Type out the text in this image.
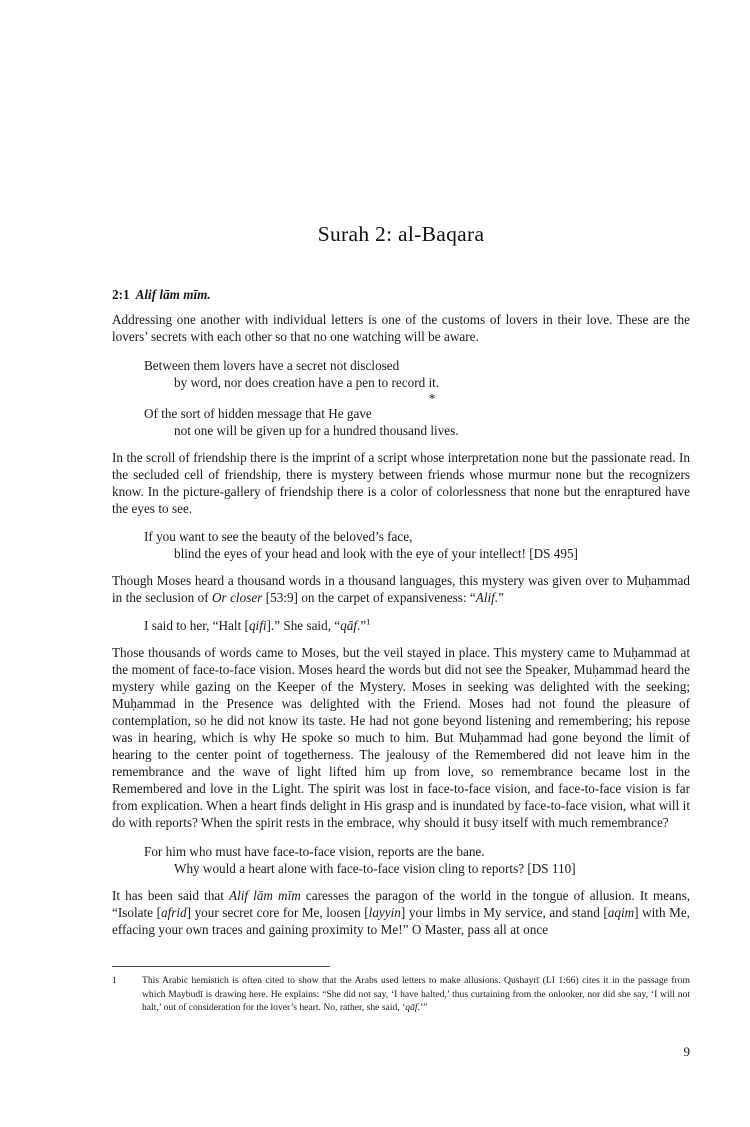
Surah 2: al-Baqara
2:1 Alif lām mīm.

Addressing one another with individual letters is one of the customs of lovers in their love. These are the lovers’ secrets with each other so that no one watching will be aware.

Between them lovers have a secret not disclosed
by word, nor does creation have a pen to record it.
*
Of the sort of hidden message that He gave
not one will be given up for a hundred thousand lives.

In the scroll of friendship there is the imprint of a script whose interpretation none but the passionate read. In the secluded cell of friendship, there is mystery between friends whose murmur none but the recognizers know. In the picture-gallery of friendship there is a color of colorlessness that none but the enraptured have the eyes to see.

If you want to see the beauty of the beloved’s face,
blind the eyes of your head and look with the eye of your intellect! [DS 495]

Though Moses heard a thousand words in a thousand languages, this mystery was given over to Muḥammad in the seclusion of Or closer [53:9] on the carpet of expansiveness: “Alif.”

I said to her, “Halt [qifi].” She said, “qāf.”$^1$

Those thousands of words came to Moses, but the veil stayed in place. This mystery came to Muḥammad at the moment of face-to-face vision. Moses heard the words but did not see the Speaker, Muḥammad heard the mystery while gazing on the Keeper of the Mystery. Moses in seeking was delighted with the seeking; Muḥammad in the Presence was delighted with the Friend. Moses had not found the pleasure of contemplation, so he did not know its taste. He had not gone beyond listening and remembering; his repose was in hearing, which is why He spoke so much to him. But Muḥammad had gone beyond the limit of hearing to the center point of togetherness. The jealousy of the Remembered did not leave him in the remembrance and the wave of light lifted him up from love, so remembrance became lost in the Remembered and love in the Light. The spirit was lost in face-to-face vision, and face-to-face vision is far from explication. When a heart finds delight in His grasp and is inundated by face-to-face vision, what will it do with reports? When the spirit rests in the embrace, why should it busy itself with much remembrance?

For him who must have face-to-face vision, reports are the bane.
Why would a heart alone with face-to-face vision cling to reports? [DS 110]

It has been said that Alif lām mīm caresses the paragon of the world in the tongue of allusion. It means, “Isolate [afrid] your secret core for Me, loosen [layyin] your limbs in My service, and stand [aqim] with Me, effacing your own traces and gaining proximity to Me!” O Master, pass all at once

1	This Arabic hemistich is often cited to show that the Arabs used letters to make allusions. Qushayrī (LI 1:66) cites it in the passage from which Maybudī is drawing here. He explains: “She did not say, ‘I have halted,’ thus curtaining from the onlooker, nor did she say, ‘I will not halt,’ out of consideration for the lover’s heart. No, rather, she said, ‘qāf.’”
9
